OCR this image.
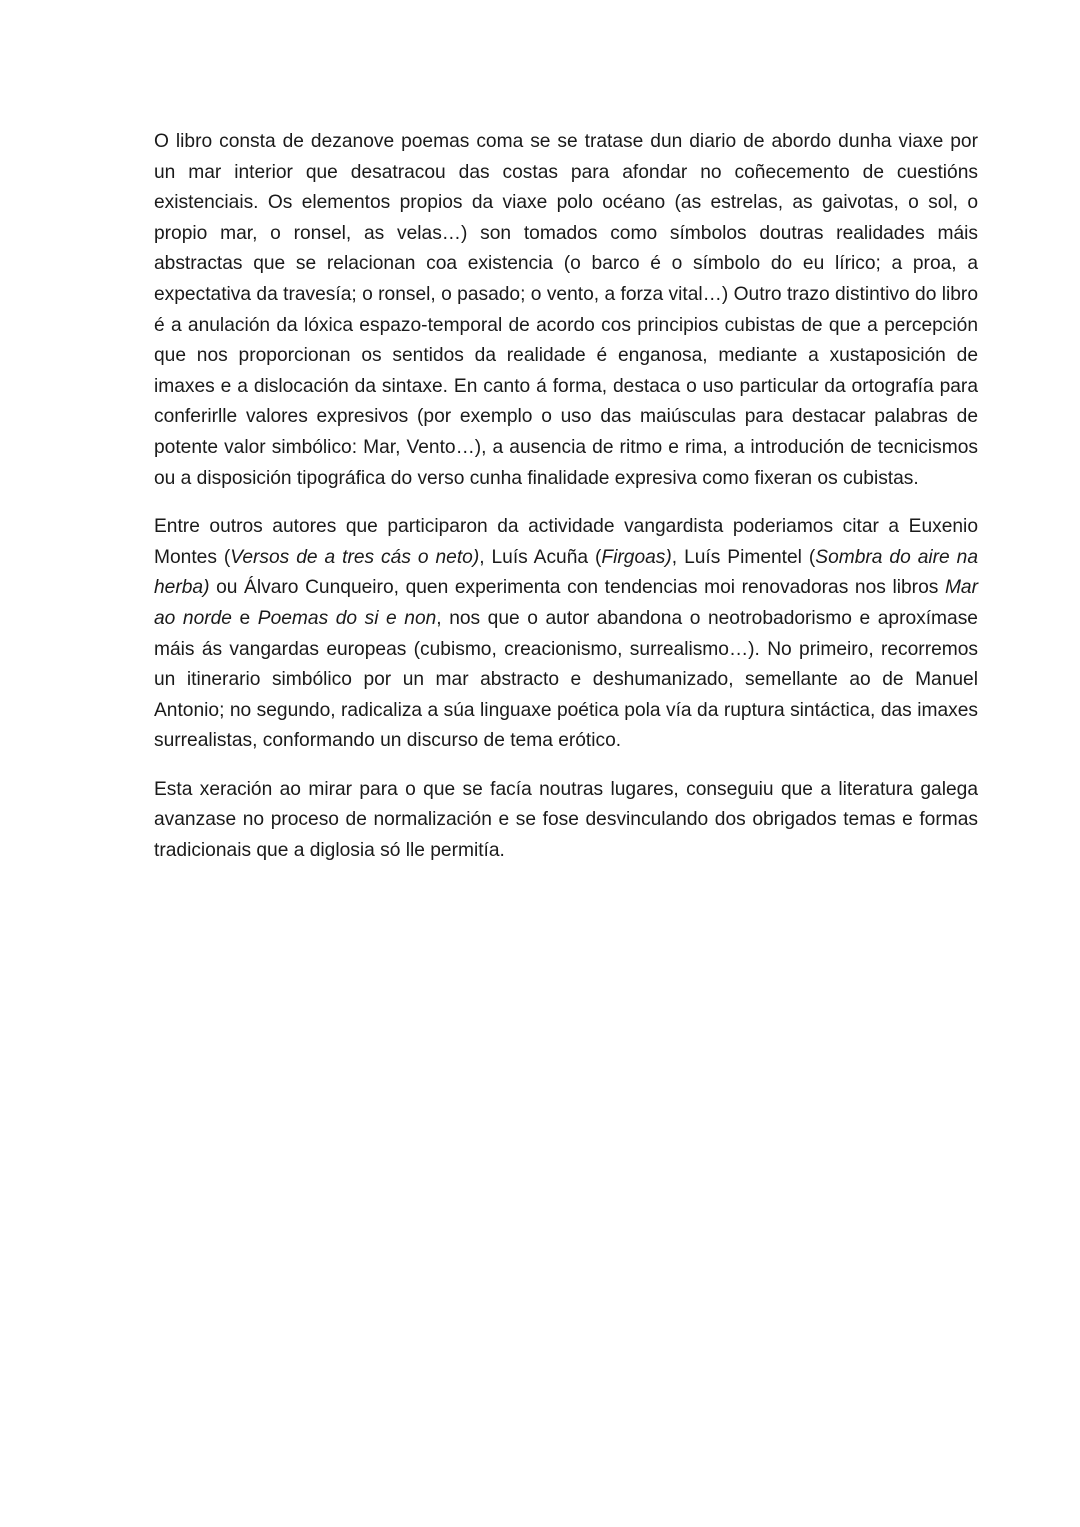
O libro consta de dezanove poemas coma se se tratase dun diario de abordo dunha viaxe por un mar interior que desatracou das costas para afondar no coñecemento de cuestións existenciais. Os elementos propios da viaxe polo océano (as estrelas, as gaivotas, o sol, o propio mar, o ronsel, as velas…) son tomados como símbolos doutras realidades máis abstractas que se relacionan coa existencia (o barco é o símbolo do eu lírico; a proa, a expectativa da travesía; o ronsel, o pasado; o vento, a forza vital…) Outro trazo distintivo do libro é a anulación da lóxica espazo-temporal de acordo cos principios cubistas de que a percepción que nos proporcionan os sentidos da realidade é enganosa, mediante a xustaposición de imaxes e a dislocación da sintaxe. En canto á forma, destaca o uso particular da ortografía para conferirlle valores expresivos (por exemplo o uso das maiúsculas para destacar palabras de potente valor simbólico: Mar, Vento…), a ausencia de ritmo e rima, a introdución de tecnicismos ou a disposición tipográfica do verso cunha finalidade expresiva como fixeran os cubistas.

Entre outros autores que participaron da actividade vangardista poderiamos citar a Euxenio Montes (Versos de a tres cás o neto), Luís Acuña (Firgoas), Luís Pimentel (Sombra do aire na herba) ou Álvaro Cunqueiro, quen experimenta con tendencias moi renovadoras nos libros Mar ao norde e Poemas do si e non, nos que o autor abandona o neotrobadorismo e aproxímase máis ás vangardas europeas (cubismo, creacionismo, surrealismo…). No primeiro, recorremos un itinerario simbólico por un mar abstracto e deshumanizado, semellante ao de Manuel Antonio; no segundo, radicaliza a súa linguaxe poética pola vía da ruptura sintáctica, das imaxes surrealistas, conformando un discurso de tema erótico.

Esta xeración ao mirar para o que se facía noutras lugares, conseguiu que a literatura galega avanzase no proceso de normalización e se fose desvinculando dos obrigados temas e formas tradicionais que a diglosia só lle permitía.
